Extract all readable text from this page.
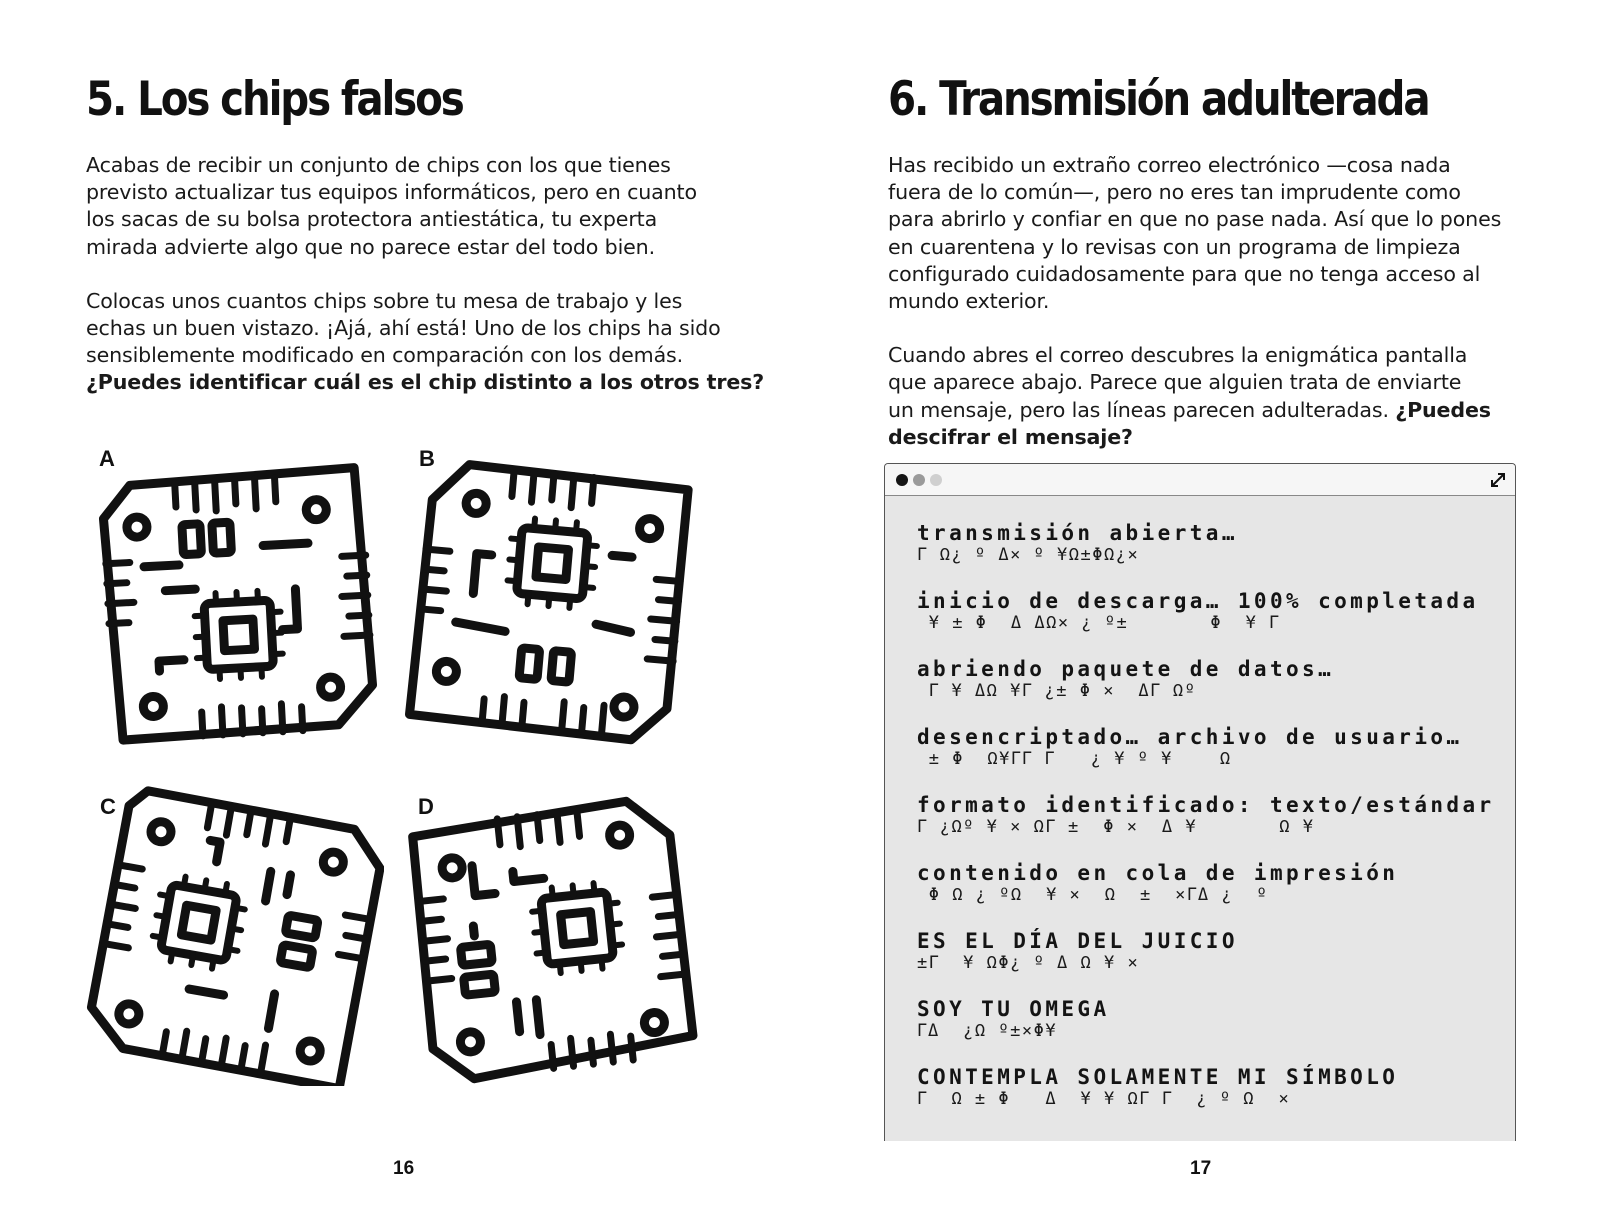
5. Los chips falsos

Acabas de recibir un conjunto de chips con los que tienes

previsto actualizar tus equipos informáticos, pero en cuanto

los sacas de su bolsa protectora antiestática, tu experta

mirada advierte algo que no parece estar del todo bien.

Colocas unos cuantos chips sobre tu mesa de trabajo y les

echas un buen vistazo. ¡Ajá, ahí está! Uno de los chips ha sido

sensiblemente modificado en comparación con los demás.

¿Puedes identificar cuál es el chip distinto a los otros tres?

A	B
C	D
16
6. Transmisión adulterada

Has recibido un extraño correo electrónico —cosa nada

fuera de lo común—, pero no eres tan imprudente como

para abrirlo y confiar en que no pase nada. Así que lo pones

en cuarentena y lo revisas con un programa de limpieza

configurado cuidadosamente para que no tenga acceso al

mundo exterior.

Cuando abres el correo descubres la enigmática pantalla

que aparece abajo. Parece que alguien trata de enviarte

un mensaje, pero las líneas parecen adulteradas. ¿Puedes

descifrar el mensaje?

transmisión abierta…
ᒥ Ω¿ º Δ× º ¥Ω±ΦΩ¿×
inicio de descarga… 100% completada
¥ ± Φ  Δ ΔΩ× ¿ º±       Φ  ¥ ᒥ
abriendo paquete de datos…
ᒥ ¥ ΔΩ ¥ᒥ ¿± Φ ×  Δᒥ Ωº
desencriptado… archivo de usuario…
± Φ  Ω¥ᒥᒥ ᒥ   ¿ ¥ º ¥    Ω
formato identificado: texto/estándar
ᒥ ¿Ωº ¥ × Ωᒥ ±  Φ ×  Δ ¥       Ω ¥
contenido en cola de impresión
Φ Ω ¿ ºΩ  ¥ ×  Ω  ±  ×ᒥΔ ¿  º
ES EL DÍA DEL JUICIO
±ᒥ  ¥ ΩΦ¿ º Δ Ω ¥ ×
SOY TU OMEGA
ᒥΔ  ¿Ω º±×Φ¥
CONTEMPLA SOLAMENTE MI SÍMBOLO
ᒥ  Ω ± Φ   Δ  ¥ ¥ Ωᒥ ᒥ  ¿ º Ω  ×
17
